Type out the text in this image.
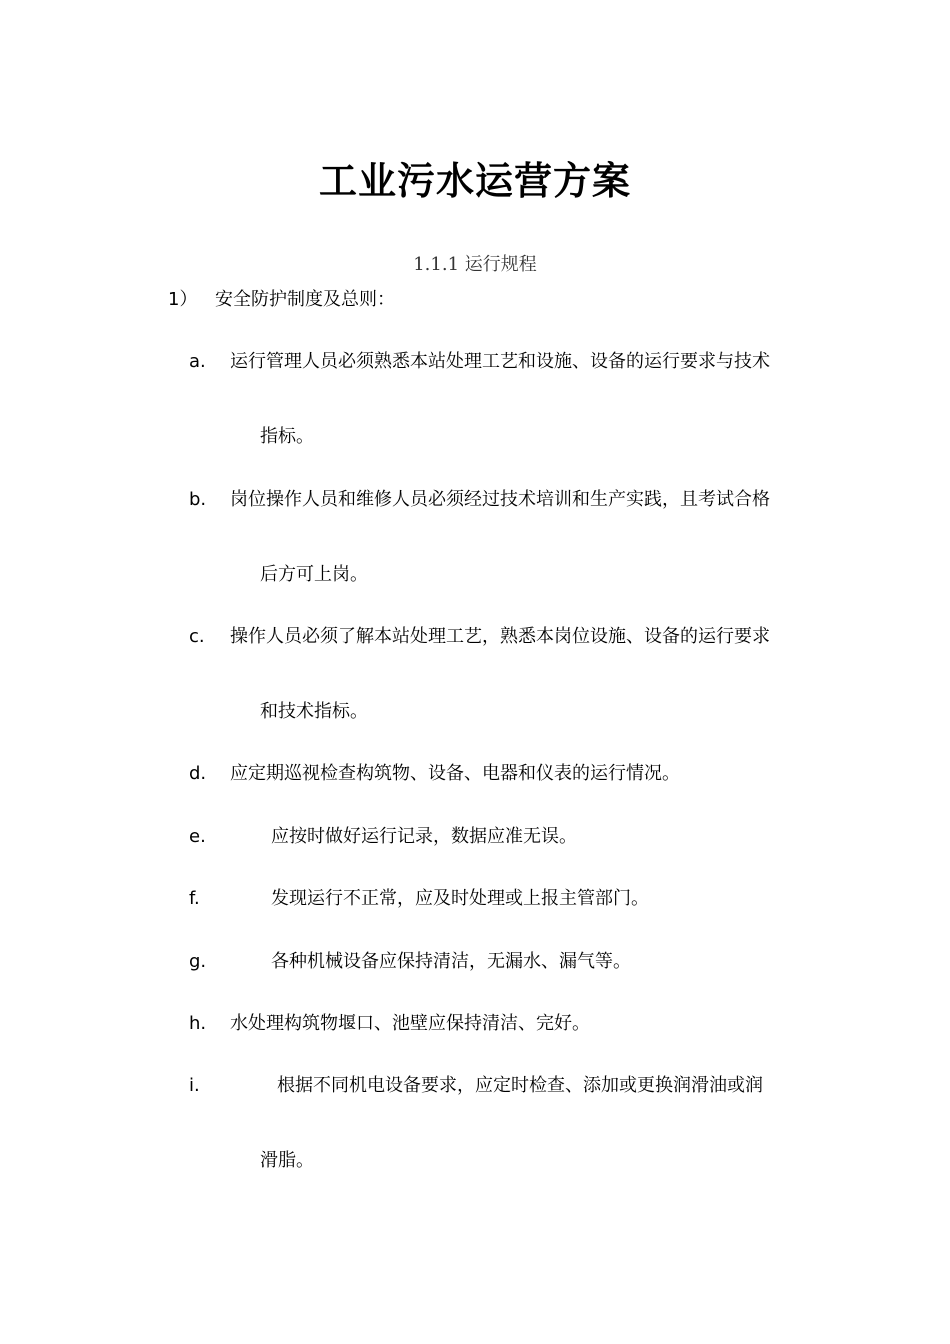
工业污水运营方案
1.1.1 运行规程
1） 安全防护制度及总则：
a. 运行管理人员必须熟悉本站处理工艺和设施、设备的运行要求与技术
指标。
b. 岗位操作人员和维修人员必须经过技术培训和生产实践，且考试合格
后方可上岗。
c. 操作人员必须了解本站处理工艺，熟悉本岗位设施、设备的运行要求
和技术指标。
d. 应定期巡视检查构筑物、设备、电器和仪表的运行情况。
e.	应按时做好运行记录，数据应准无误。
f.	发现运行不正常，应及时处理或上报主管部门。
g.	各种机械设备应保持清洁，无漏水、漏气等。
h. 水处理构筑物堰口、池壁应保持清洁、完好。
i.	根据不同机电设备要求，应定时检查、添加或更换润滑油或润
滑脂。
